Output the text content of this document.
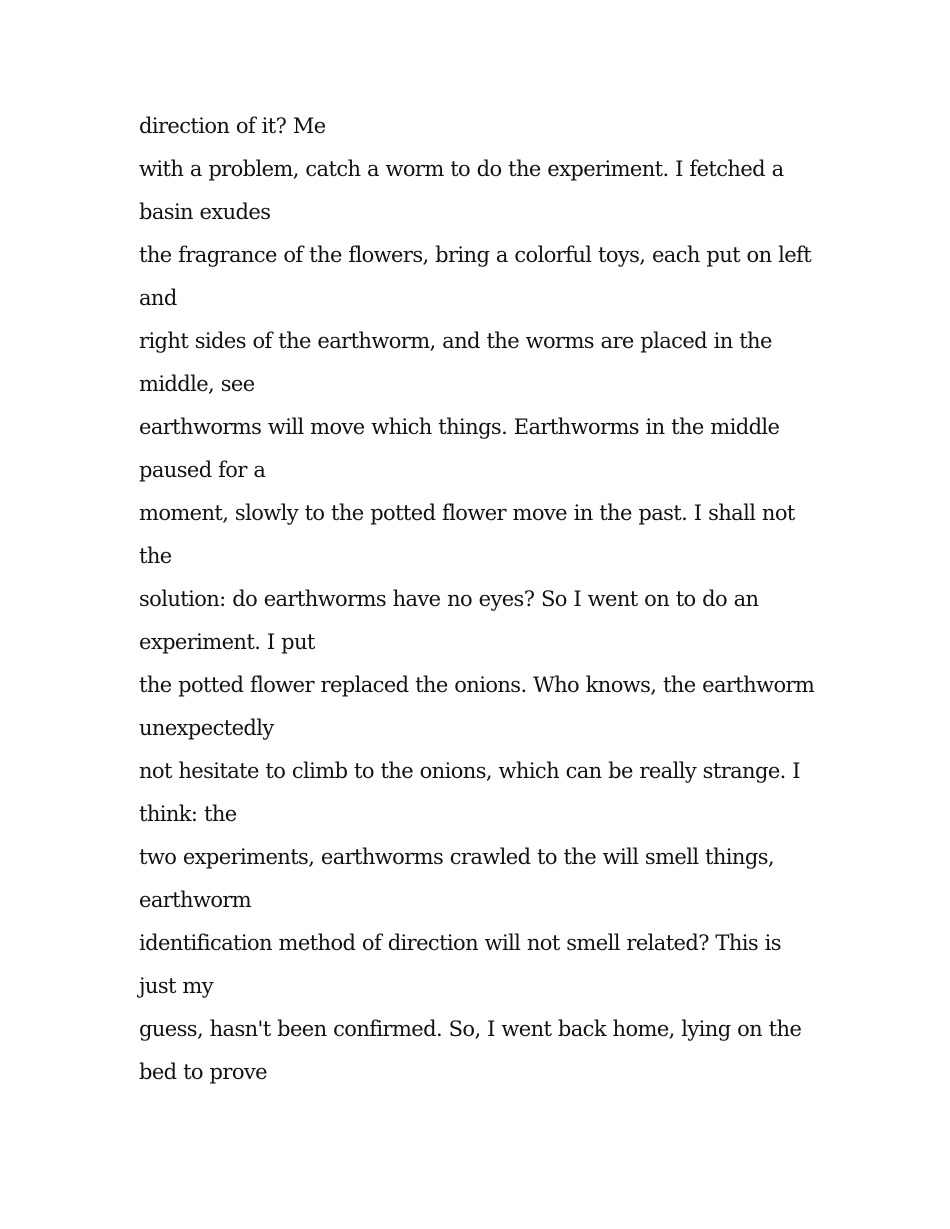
direction of it? Me

with a problem, catch a worm to do the experiment. I fetched a

basin exudes

the fragrance of the flowers, bring a colorful toys, each put on left

and

right sides of the earthworm, and the worms are placed in the

middle, see

earthworms will move which things. Earthworms in the middle

paused for a

moment, slowly to the potted flower move in the past. I shall not

the

solution: do earthworms have no eyes? So I went on to do an

experiment. I put

the potted flower replaced the onions. Who knows, the earthworm

unexpectedly

not hesitate to climb to the onions, which can be really strange. I

think: the

two experiments, earthworms crawled to the will smell things,

earthworm

identification method of direction will not smell related? This is

just my

guess, hasn't been confirmed. So, I went back home, lying on the

bed to prove
